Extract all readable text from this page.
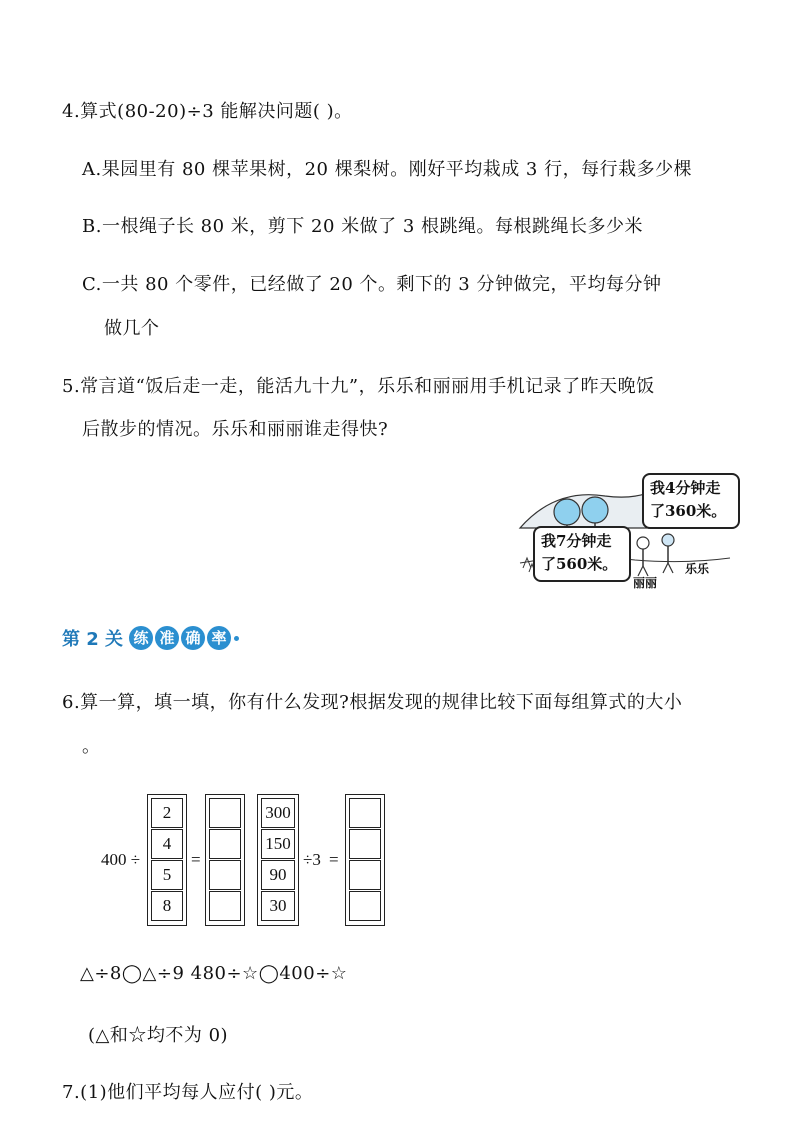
4.算式(80-20)÷3 能解决问题( )。
A.果园里有 80 棵苹果树，20 棵梨树。刚好平均栽成 3 行，每行栽多少棵
B.一根绳子长 80 米，剪下 20 米做了 3 根跳绳。每根跳绳长多少米
C.一共 80 个零件，已经做了 20 个。剩下的 3 分钟做完，平均每分钟
做几个
5.常言道“饭后走一走，能活九十九”，乐乐和丽丽用手机记录了昨天晚饭
后散步的情况。乐乐和丽丽谁走得快?
我4分钟走
了360米。
我7分钟走
了560米。
丽丽
乐乐
第 2 关 练 准 确 率
6.算一算，填一填，你有什么发现?根据发现的规律比较下面每组算式的大小
。
400 ÷
2
4
5
8
=
300
150
90
30
÷3 =
△÷8◯△÷9 480÷☆◯400÷☆
(△和☆均不为 0)
7.(1)他们平均每人应付( )元。
